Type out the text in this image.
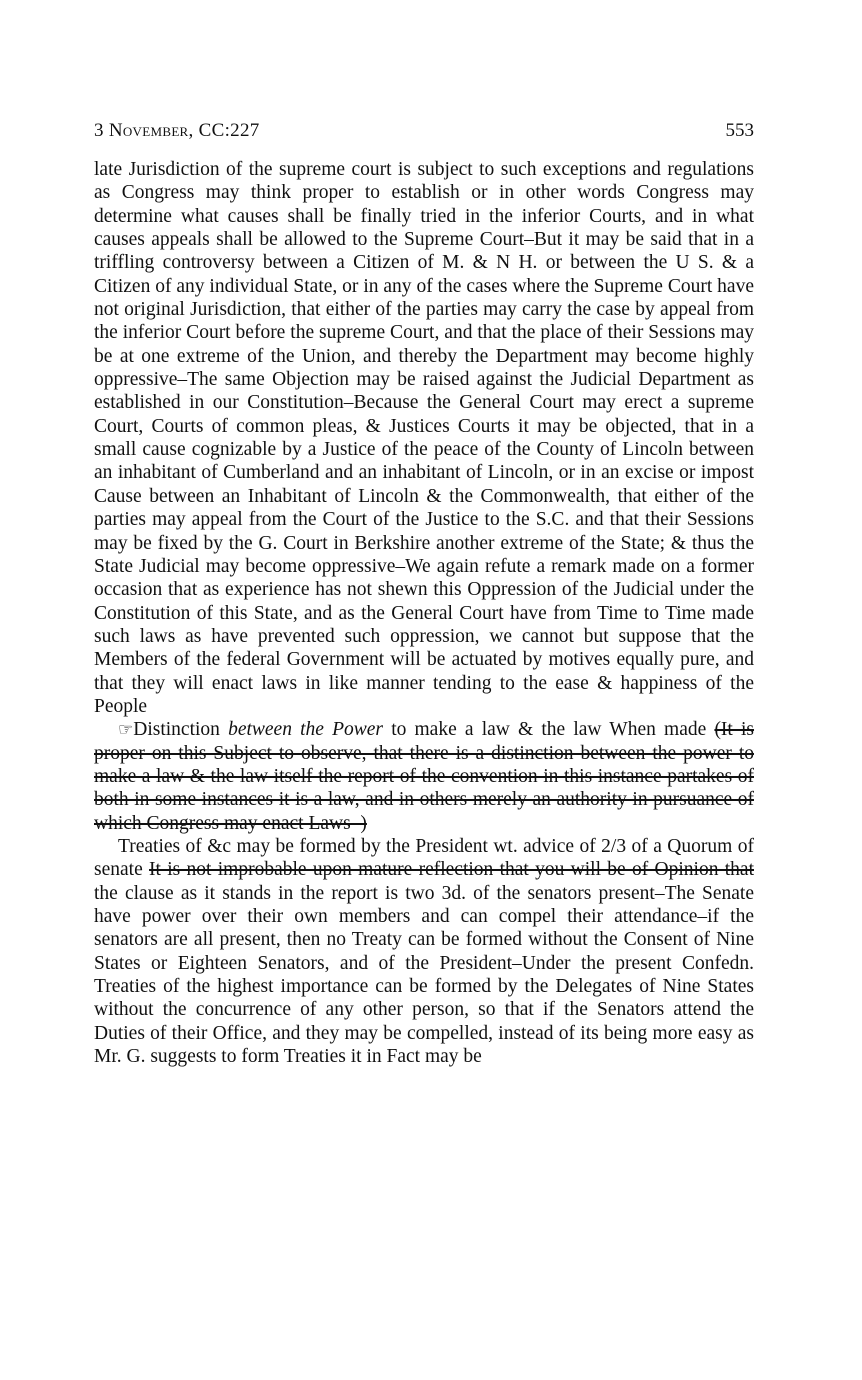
3 November, CC:227	553

late Jurisdiction of the supreme court is subject to such exceptions and regulations as Congress may think proper to establish or in other words Congress may determine what causes shall be finally tried in the inferior Courts, and in what causes appeals shall be allowed to the Supreme Court–But it may be said that in a triffling controversy between a Citizen of M. & N H. or between the U S. & a Citizen of any individual State, or in any of the cases where the Supreme Court have not original Jurisdiction, that either of the parties may carry the case by appeal from the inferior Court before the supreme Court, and that the place of their Sessions may be at one extreme of the Union, and thereby the Department may become highly oppressive–The same Objection may be raised against the Judicial Department as established in our Constitution–Because the General Court may erect a supreme Court, Courts of common pleas, & Justices Courts it may be objected, that in a small cause cognizable by a Justice of the peace of the County of Lincoln between an inhabitant of Cumberland and an inhabitant of Lincoln, or in an excise or impost Cause between an Inhabitant of Lincoln & the Commonwealth, that either of the parties may appeal from the Court of the Justice to the S.C. and that their Sessions may be fixed by the G. Court in Berkshire another extreme of the State; & thus the State Judicial may become oppressive–We again refute a remark made on a former occasion that as experience has not shewn this Oppression of the Judicial under the Constitution of this State, and as the General Court have from Time to Time made such laws as have prevented such oppression, we cannot but suppose that the Members of the federal Government will be actuated by motives equally pure, and that they will enact laws in like manner tending to the ease & happiness of the People

☞Distinction between the Power to make a law & the law When made (It is proper on this Subject to observe, that there is a distinction between the power to make a law & the law itself the report of the convention in this instance partakes of both in some instances it is a law, and in others merely an authority in pursuance of which Congress may enact Laws–)

Treaties of &c may be formed by the President wt. advice of 2/3 of a Quorum of senate It is not improbable upon mature reflection that you will be of Opinion that the clause as it stands in the report is two 3d. of the senators present–The Senate have power over their own members and can compel their attendance–if the senators are all present, then no Treaty can be formed without the Consent of Nine States or Eighteen Senators, and of the President–Under the present Confedn. Treaties of the highest importance can be formed by the Delegates of Nine States without the concurrence of any other person, so that if the Senators attend the Duties of their Office, and they may be compelled, instead of its being more easy as Mr. G. suggests to form Treaties it in Fact may be
